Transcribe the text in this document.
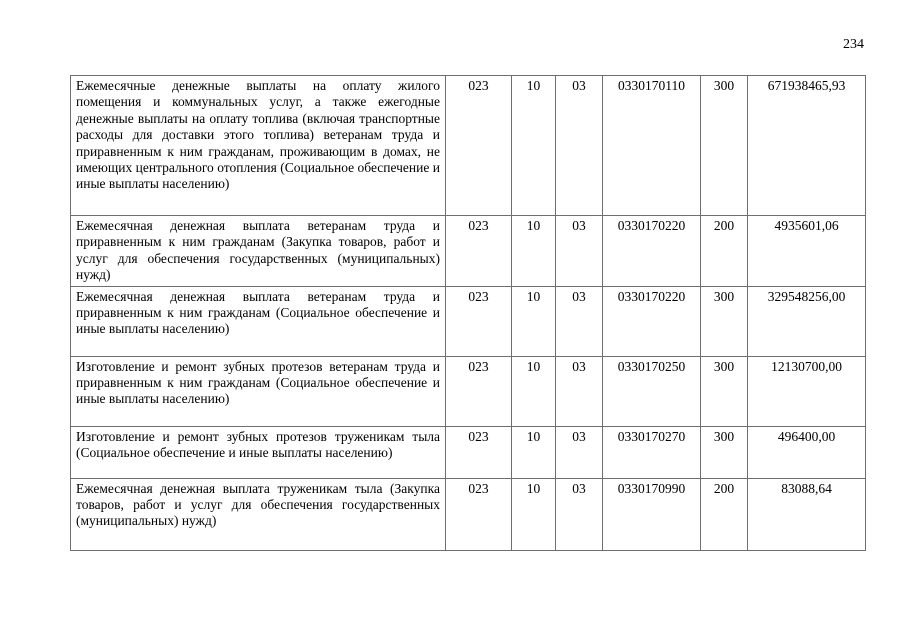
234
Ежемесячные денежные выплаты на оплату жилого помещения и коммунальных услуг, а также ежегодные денежные выплаты на оплату топлива (включая транспортные расходы для доставки этого топлива) ветеранам труда и приравненным к ним гражданам, проживающим в домах, не имеющих центрального отопления (Социальное обеспечение и иные выплаты населению)	023	10	03	0330170110	300	671938465,93
Ежемесячная денежная выплата ветеранам труда и приравненным к ним гражданам (Закупка товаров, работ и услуг для обеспечения государственных (муниципальных) нужд)	023	10	03	0330170220	200	4935601,06
Ежемесячная денежная выплата ветеранам труда и приравненным к ним гражданам (Социальное обеспечение и иные выплаты населению)	023	10	03	0330170220	300	329548256,00
Изготовление и ремонт зубных протезов ветеранам труда и приравненным к ним гражданам (Социальное обеспечение и иные выплаты населению)	023	10	03	0330170250	300	12130700,00
Изготовление и ремонт зубных протезов труженикам тыла (Социальное обеспечение и иные выплаты населению)	023	10	03	0330170270	300	496400,00
Ежемесячная денежная выплата труженикам тыла (Закупка товаров, работ и услуг для обеспечения государственных (муниципальных) нужд)	023	10	03	0330170990	200	83088,64
